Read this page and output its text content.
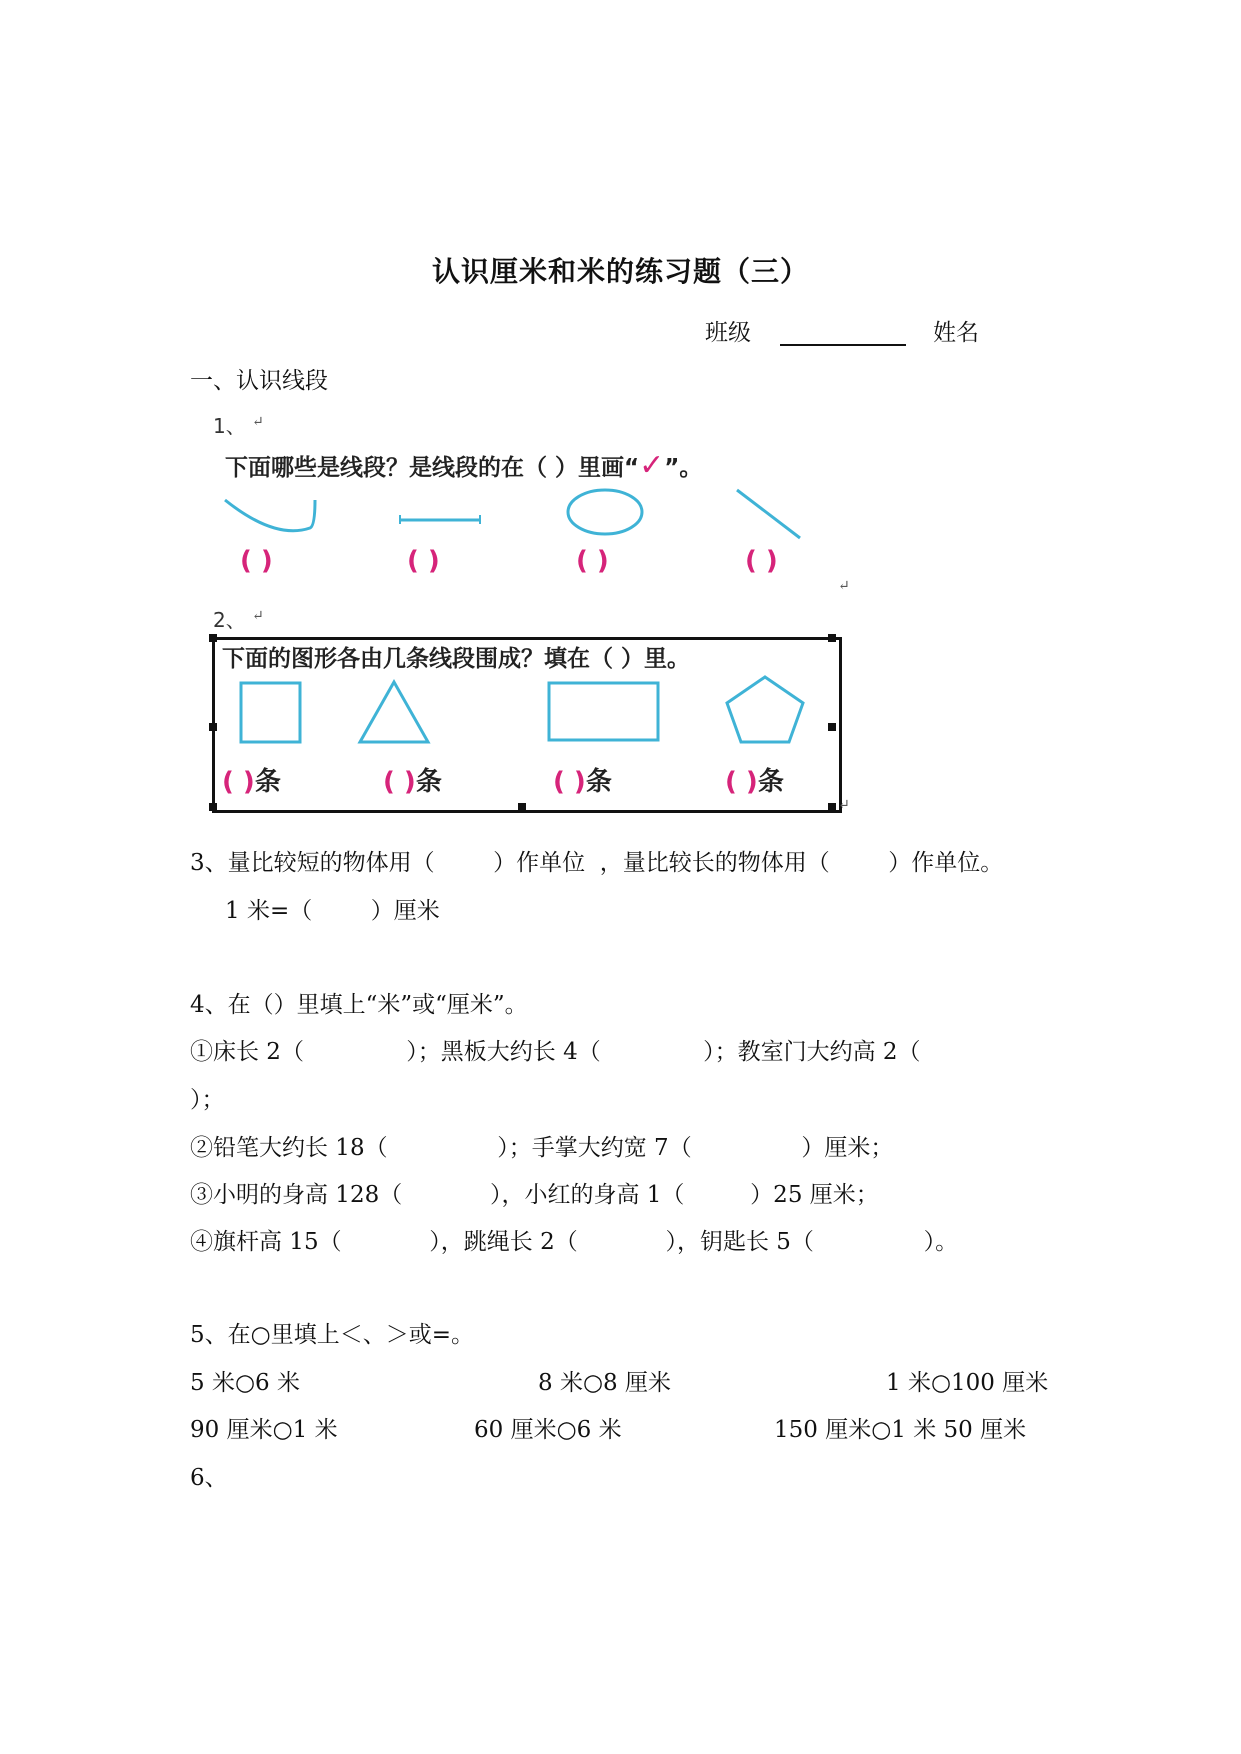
认识厘米和米的练习题（三）
班级	姓名
一、认识线段
1、 ↵
下面哪些是线段？是线段的在（ ）里画“✓”。
( )	( )	( )	( )
↵
2、 ↵
下面的图形各由几条线段围成？填在（ ）里。
( )条	( )条	( )条	( )条
↵
3、量比较短的物体用（        ）作单位  ，量比较长的物体用（        ）作单位。
1 米=（        ）厘米
4、在（）里填上“米”或“厘米”。
①床长 2（              ）；黑板大约长 4（              ）；教室门大约高 2（
）；
②铅笔大约长 18（               ）；手掌大约宽 7（               ）厘米；
③小明的身高 128（            ），小红的身高 1（         ）25 厘米；
④旗杆高 15（            ），跳绳长 2（            ），钥匙长 5（               ）。
5、在○里填上＜、＞或=。
5 米○6 米	8 米○8 厘米	1 米○100 厘米
90 厘米○1 米	60 厘米○6 米	150 厘米○1 米 50 厘米
6、
